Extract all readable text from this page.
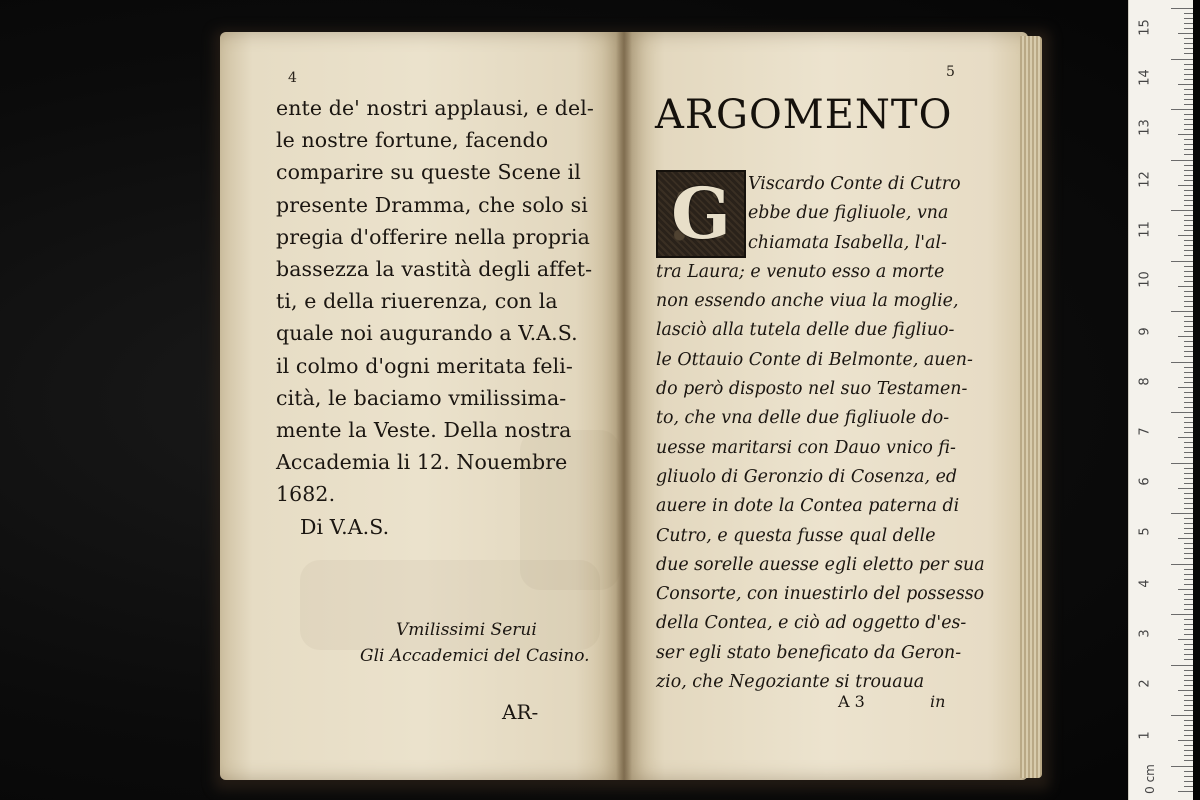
4
ente de' nostri applausi, e del-
le nostre fortune, facendo
comparire su queste Scene il
presente Dramma, che solo si
pregia d'offerire nella propria
bassezza la vastità degli affet-
ti, e della riuerenza, con la
quale noi augurando a V.A.S.
il colmo d'ogni meritata feli-
cità, le baciamo vmilissima-
mente la Veste. Della nostra
Accademia li 12. Nouembre
1682.
Di V.A.S.
Vmilissimi Serui
Gli Accademici del Casino.
AR-
5
ARGOMENTO
G Viscardo Conte di Cutro
ebbe due figliuole, vna
chiamata Isabella, l'al-
tra Laura; e venuto esso a morte
non essendo anche viua la moglie,
lasciò alla tutela delle due figliuo-
le Ottauio Conte di Belmonte, auen-
do però disposto nel suo Testamen-
to, che vna delle due figliuole do-
uesse maritarsi con Dauo vnico fi-
gliuolo di Geronzio di Cosenza, ed
auere in dote la Contea paterna di
Cutro, e questa fusse qual delle
due sorelle auesse egli eletto per sua
Consorte, con inuestirlo del possesso
della Contea, e ciò ad oggetto d'es-
ser egli stato beneficato da Geron-
zio, che Negoziante si trouaua
A 3	in
15
14
13
12
11
10
9
8
7
6
5
4
3
2
1
0 cm
